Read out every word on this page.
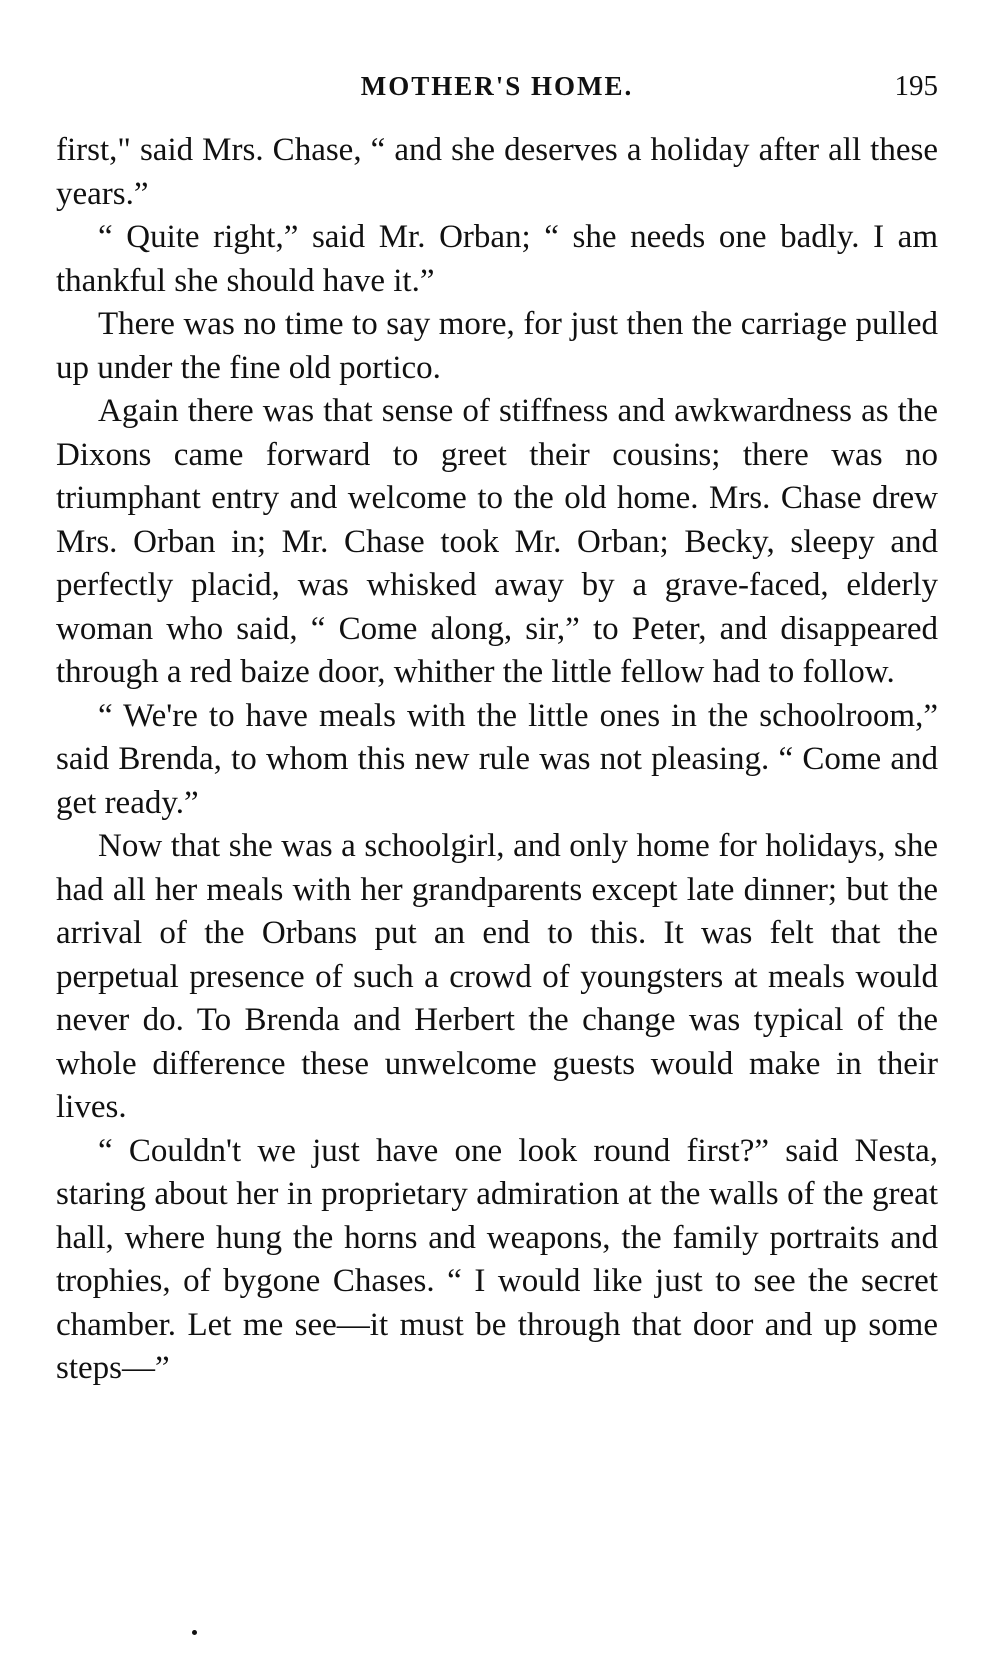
MOTHER'S HOME.	195

first," said Mrs. Chase, “ and she deserves a holiday after all these years.”

“ Quite right,” said Mr. Orban; “ she needs one badly. I am thankful she should have it.”

There was no time to say more, for just then the carriage pulled up under the fine old portico.

Again there was that sense of stiffness and awkwardness as the Dixons came forward to greet their cousins; there was no triumphant entry and welcome to the old home. Mrs. Chase drew Mrs. Orban in; Mr. Chase took Mr. Orban; Becky, sleepy and perfectly placid, was whisked away by a grave-faced, elderly woman who said, “ Come along, sir,” to Peter, and disappeared through a red baize door, whither the little fellow had to follow.

“ We're to have meals with the little ones in the schoolroom,” said Brenda, to whom this new rule was not pleasing. “ Come and get ready.”

Now that she was a schoolgirl, and only home for holidays, she had all her meals with her grandparents except late dinner; but the arrival of the Orbans put an end to this. It was felt that the perpetual presence of such a crowd of youngsters at meals would never do. To Brenda and Herbert the change was typical of the whole difference these unwelcome guests would make in their lives.

“ Couldn't we just have one look round first?” said Nesta, staring about her in proprietary admiration at the walls of the great hall, where hung the horns and weapons, the family portraits and trophies, of bygone Chases. “ I would like just to see the secret chamber. Let me see—it must be through that door and up some steps—”
